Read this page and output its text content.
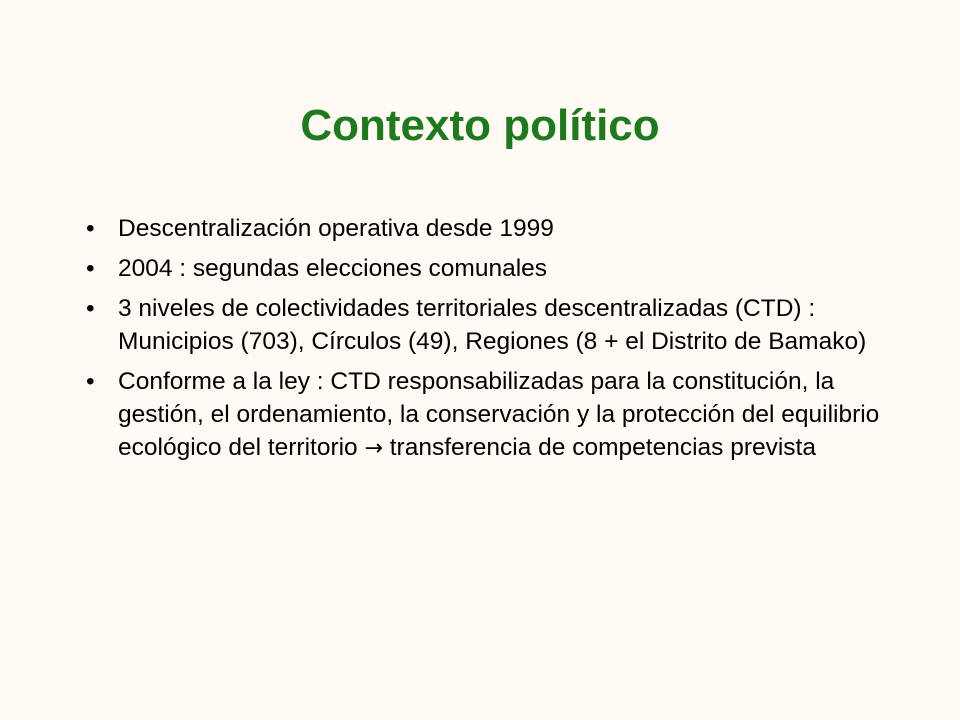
Contexto político
• Descentralización operativa desde 1999
• 2004 : segundas elecciones comunales
• 3 niveles de colectividades territoriales descentralizadas (CTD) : Municipios (703), Círculos (49), Regiones (8 + el Distrito de Bamako)
• Conforme a la ley : CTD responsabilizadas para la constitución, la gestión, el ordenamiento, la conservación y la protección del equilibrio ecológico del territorio → transferencia de competencias prevista
